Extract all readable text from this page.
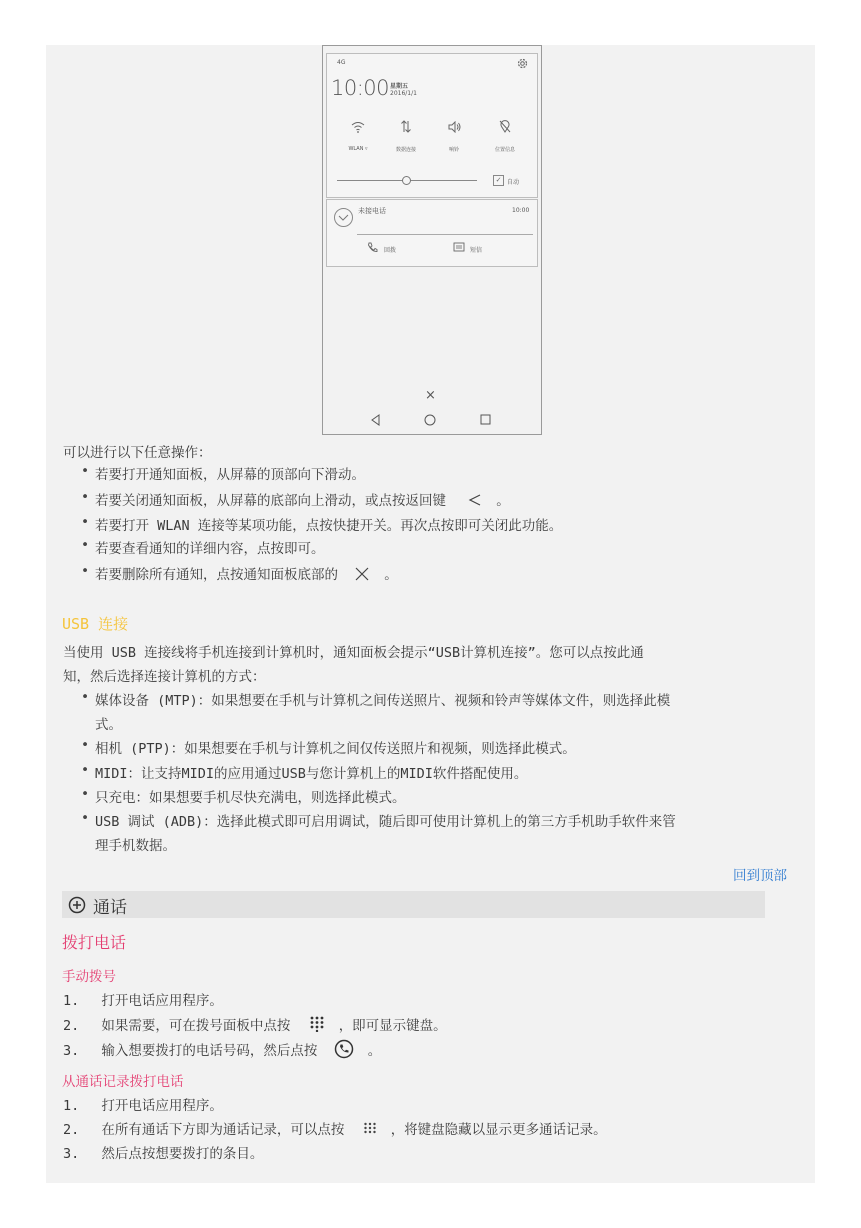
4G
10:00 星期五
2016/1/1
WLAN ▿	数据连接	响铃	位置信息
✓ 自动
未接电话	10:00
回拨	短信
×
可以进行以下任意操作：
• 若要打开通知面板，从屏幕的顶部向下滑动。
• 若要关闭通知面板，从屏幕的底部向上滑动，或点按返回键	。
• 若要打开 WLAN 连接等某项功能，点按快捷开关。再次点按即可关闭此功能。
• 若要查看通知的详细内容，点按即可。
• 若要删除所有通知，点按通知面板底部的	。
USB 连接
当使用 USB 连接线将手机连接到计算机时，通知面板会提示“USB计算机连接”。您可以点按此通
知，然后选择连接计算机的方式：
• 媒体设备 (MTP)：如果想要在手机与计算机之间传送照片、视频和铃声等媒体文件，则选择此模
式。
• 相机 (PTP)：如果想要在手机与计算机之间仅传送照片和视频，则选择此模式。
• MIDI：让支持MIDI的应用通过USB与您计算机上的MIDI软件搭配使用。
• 只充电：如果想要手机尽快充满电，则选择此模式。
• USB 调试 (ADB)：选择此模式即可启用调试，随后即可使用计算机上的第三方手机助手软件来管
理手机数据。
回到顶部
通话
拨打电话
手动拨号
1. 打开电话应用程序。
2. 如果需要，可在拨号面板中点按	，即可显示键盘。
3. 输入想要拨打的电话号码，然后点按	。
从通话记录拨打电话
1. 打开电话应用程序。
2. 在所有通话下方即为通话记录，可以点按	，将键盘隐藏以显示更多通话记录。
3. 然后点按想要拨打的条目。
